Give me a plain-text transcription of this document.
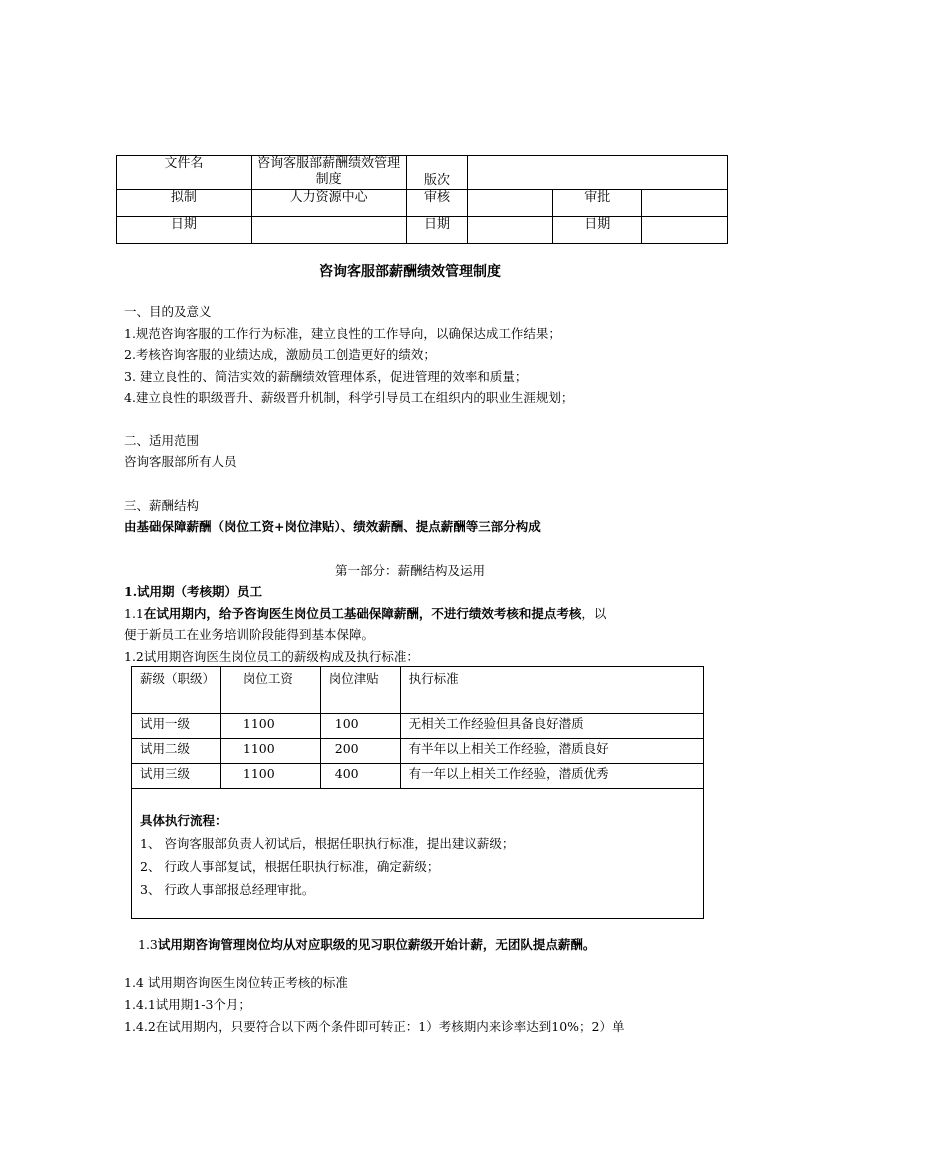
文件名	咨询客服部薪酬绩效管理制度	版次			
拟制	人力资源中心	审核		审批	
日期		日期		日期	
咨询客服部薪酬绩效管理制度
一、目的及意义
1.规范咨询客服的工作行为标准，建立良性的工作导向，以确保达成工作结果；
2.考核咨询客服的业绩达成，激励员工创造更好的绩效；
3. 建立良性的、简洁实效的薪酬绩效管理体系，促进管理的效率和质量；
4.建立良性的职级晋升、薪级晋升机制，科学引导员工在组织内的职业生涯规划；
二、适用范围
咨询客服部所有人员
三、薪酬结构
由基础保障薪酬（岗位工资+岗位津贴）、绩效薪酬、提点薪酬等三部分构成
第一部分：薪酬结构及运用
1.试用期（考核期）员工
1.1在试用期内，给予咨询医生岗位员工基础保障薪酬，不进行绩效考核和提点考核，以
便于新员工在业务培训阶段能得到基本保障。
1.2试用期咨询医生岗位员工的薪级构成及执行标准：
薪级（职级）	岗位工资	岗位津贴	执行标准
试用一级	1100	100	无相关工作经验但具备良好潜质
试用二级	1100	200	有半年以上相关工作经验，潜质良好
试用三级	1100	400	有一年以上相关工作经验，潜质优秀

具体执行流程：
1、 咨询客服部负责人初试后，根据任职执行标准，提出建议薪级；
2、 行政人事部复试，根据任职执行标准，确定薪级；
3、 行政人事部报总经理审批。			
1.3试用期咨询管理岗位均从对应职级的见习职位薪级开始计薪，无团队提点薪酬。
1.4 试用期咨询医生岗位转正考核的标准
1.4.1试用期1-3个月；
1.4.2在试用期内，只要符合以下两个条件即可转正：1）考核期内来诊率达到10%；2）单
